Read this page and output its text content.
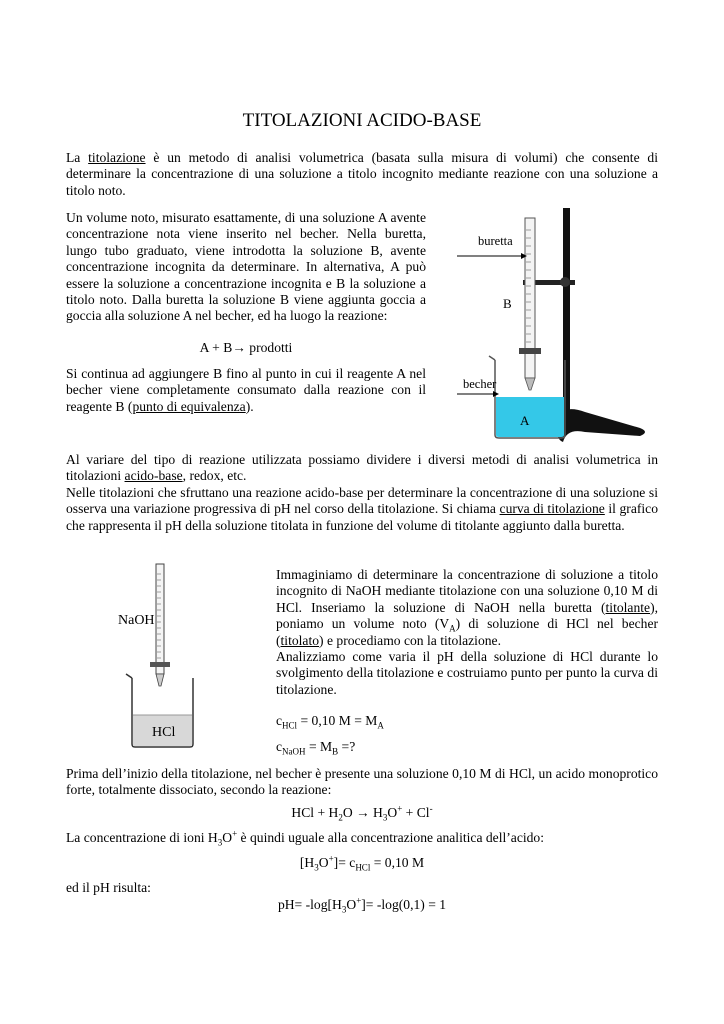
TITOLAZIONI ACIDO-BASE

La titolazione è un metodo di analisi volumetrica (basata sulla misura di volumi) che consente di determinare la concentrazione di una soluzione a titolo incognito mediante reazione con una soluzione a titolo noto.

Un volume noto, misurato esattamente, di una soluzione A avente concentrazione nota viene inserito nel becher. Nella buretta, lungo tubo graduato, viene introdotta la soluzione B, avente concentrazione incognita da determinare. In alternativa, A può essere la soluzione a concentrazione incognita e B la soluzione a titolo noto. Dalla buretta la soluzione B viene aggiunta goccia a goccia alla soluzione A nel becher, ed ha luogo la reazione:

A + B→ prodotti

Si continua ad aggiungere B fino al punto in cui il reagente A nel becher viene completamente consumato dalla reazione con il reagente B (punto di equivalenza).

buretta
B
becher
A

Al variare del tipo di reazione utilizzata possiamo dividere i diversi metodi di analisi volumetrica in titolazioni acido-base, redox, etc.

Nelle titolazioni che sfruttano una reazione acido-base per determinare la concentrazione di una soluzione si osserva una variazione progressiva di pH nel corso della titolazione. Si chiama curva di titolazione il grafico che rappresenta il pH della soluzione titolata in funzione del volume di titolante aggiunto dalla buretta.

NaOH
HCl

Immaginiamo di determinare la concentrazione di soluzione a titolo incognito di NaOH mediante titolazione con una soluzione 0,10 M di HCl. Inseriamo la soluzione di NaOH nella buretta (titolante), poniamo un volume noto $(V_A)$ di soluzione di HCl nel becher (titolato) e procediamo con la titolazione.

Analizziamo come varia il pH della soluzione di HCl durante lo svolgimento della titolazione e costruiamo punto per punto la curva di titolazione.

$c_{HCl} = 0,10$ $M = M_A$
$c_{NaOH} = M_B$ =?

Prima dell’inizio della titolazione, nel becher è presente una soluzione 0,10 M di HCl, un acido monoprotico forte, totalmente dissociato, secondo la reazione:

HCl + $H_2O \to H_3O^+ + Cl^-$
La concentrazione di ioni $H_3O^+$ è quindi uguale alla concentrazione analitica dell’acido:
$[H_3O^+]= c_{HCl} = 0,10$ M
ed il pH risulta:
$pH= -\log[H_3O^+]= -\log(0,1) = 1$
